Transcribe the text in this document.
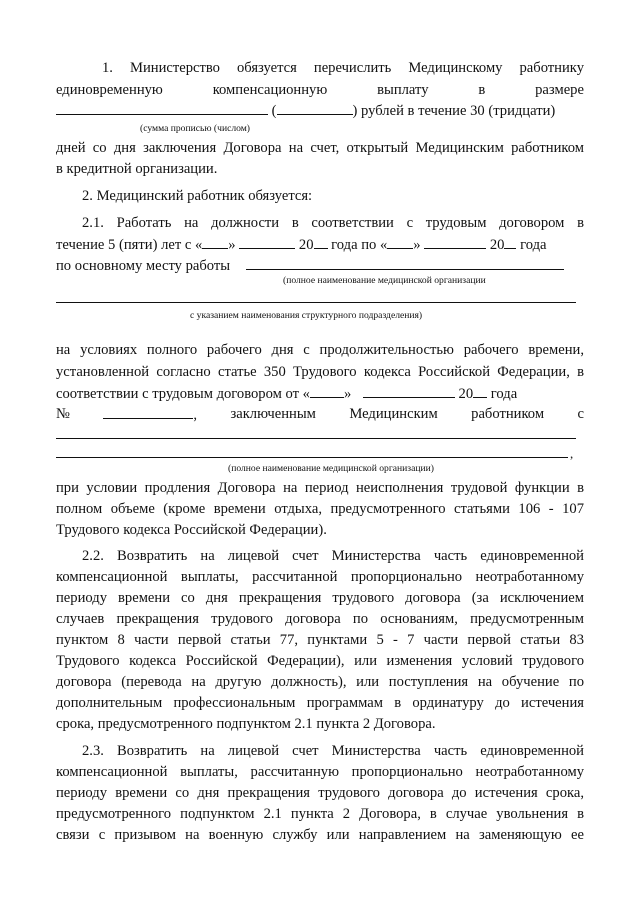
1. Министерство обязуется перечислить Медицинскому работнику
единовременную	компенсационную	выплату	в	размере
(	) рублей в течение 30 (тридцати)
(сумма прописью (числом)
дней со дня заключения Договора на счет, открытый Медицинским работником
в кредитной организации.
2. Медицинский работник обязуется:
2.1. Работать на должности в соответствии с трудовым договором в
течение 5 (пяти) лет с « »	20 года по « »	20 года
по основному месту работы
(полное наименование медицинской организации
с указанием наименования структурного подразделения)
на условиях полного рабочего дня с продолжительностью рабочего времени,
установленной согласно статье 350 Трудового кодекса Российской Федерации, в
соответствии с трудовым договором от « »	20 года
№	, заключенным Медицинским работником с
,
(полное наименование медицинской организации)
при условии продления Договора на период неисполнения трудовой функции в
полном объеме (кроме времени отдыха, предусмотренного статьями 106 - 107
Трудового кодекса Российской Федерации).
2.2. Возвратить на лицевой счет Министерства часть единовременной
компенсационной выплаты, рассчитанной пропорционально неотработанному
периоду времени со дня прекращения трудового договора (за исключением
случаев прекращения трудового договора по основаниям, предусмотренным
пунктом 8 части первой статьи 77, пунктами 5 - 7 части первой статьи 83
Трудового кодекса Российской Федерации), или изменения условий трудового
договора (перевода на другую должность), или поступления на обучение по
дополнительным профессиональным программам в ординатуру до истечения
срока, предусмотренного подпунктом 2.1 пункта 2 Договора.
2.3. Возвратить на лицевой счет Министерства часть единовременной
компенсационной выплаты, рассчитанную пропорционально неотработанному
периоду времени со дня прекращения трудового договора до истечения срока,
предусмотренного подпунктом 2.1 пункта 2 Договора, в случае увольнения в
связи с призывом на военную службу или направлением на заменяющую ее
